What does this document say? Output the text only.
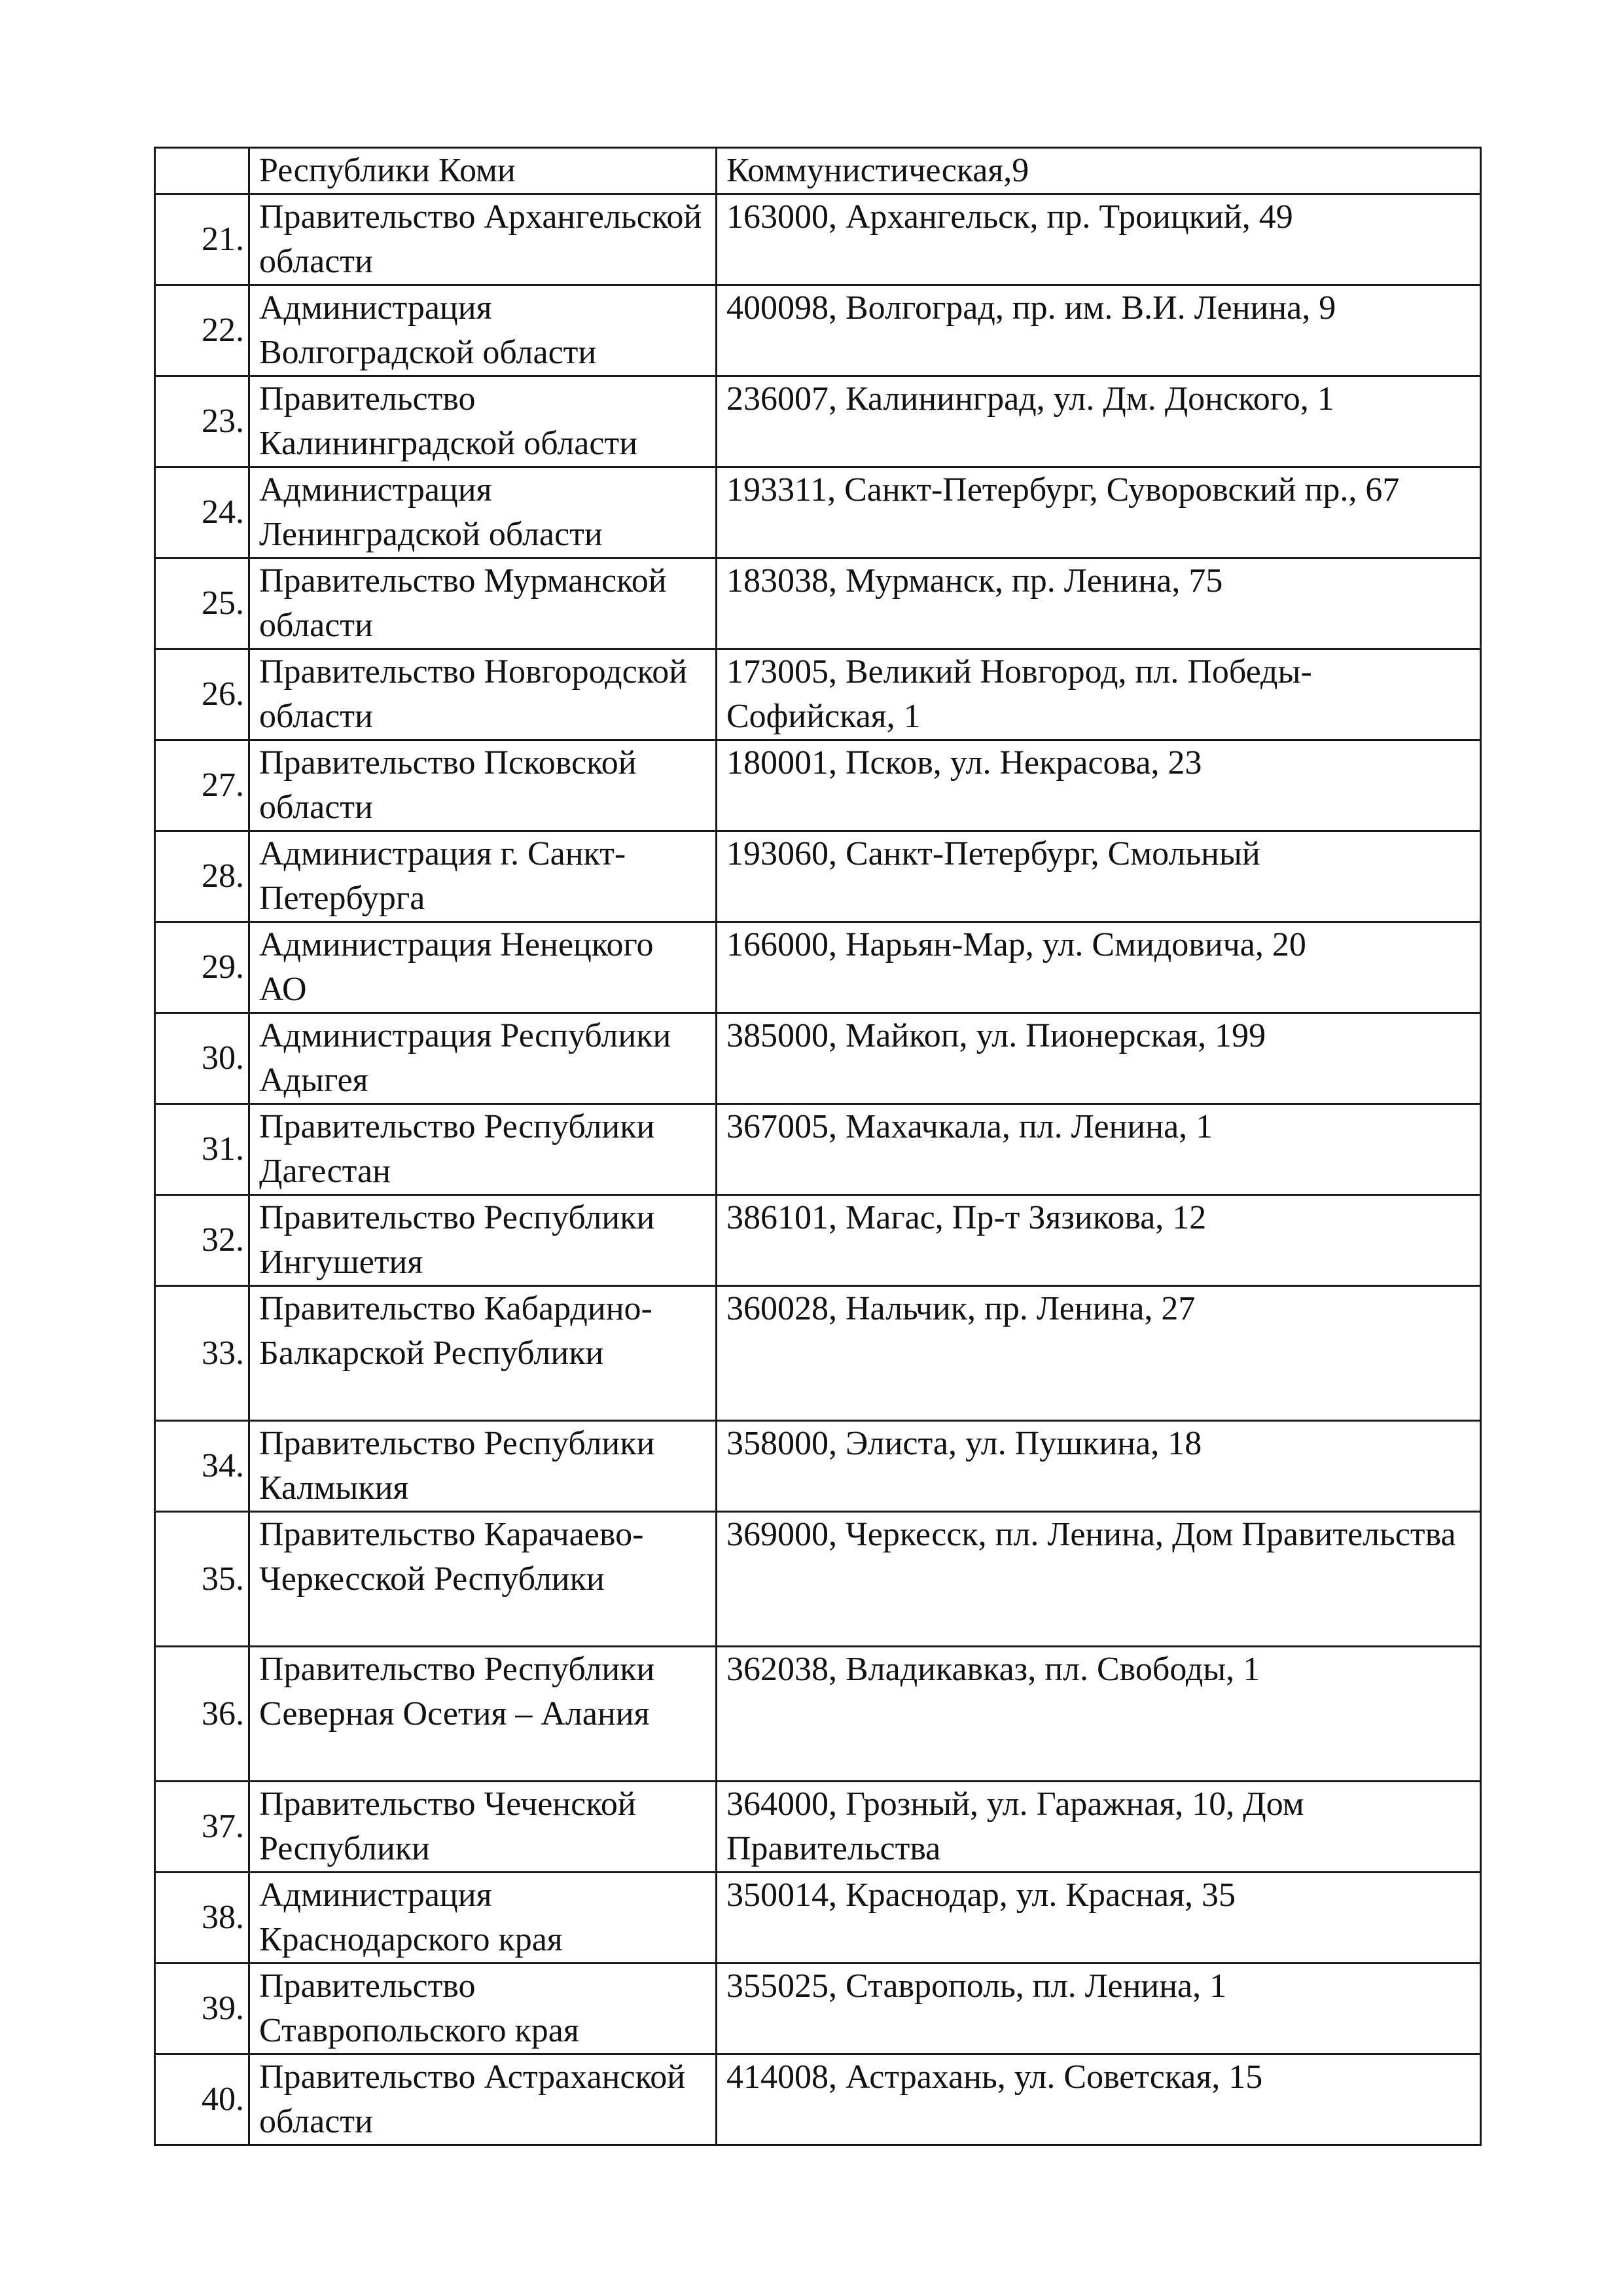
	Республики Коми	Коммунистическая,9
21.	Правительство Архангельской области	163000, Архангельск, пр. Троицкий, 49
22.	Администрация Волгоградской области	400098, Волгоград, пр. им. В.И. Ленина, 9
23.	Правительство Калининградской области	236007, Калининград, ул. Дм. Донского, 1
24.	Администрация Ленинградской области	193311, Санкт-Петербург, Суворовский пр., 67
25.	Правительство Мурманской области	183038, Мурманск, пр. Ленина, 75
26.	Правительство Новгородской области	173005, Великий Новгород, пл. Победы-Софийская, 1
27.	Правительство Псковской области	180001, Псков, ул. Некрасова, 23
28.	Администрация г. Санкт-Петербурга	193060, Санкт-Петербург, Смольный
29.	Администрация Ненецкого АО	166000, Нарьян-Мар, ул. Смидовича, 20
30.	Администрация Республики Адыгея	385000, Майкоп, ул. Пионерская, 199
31.	Правительство Республики Дагестан	367005, Махачкала, пл. Ленина, 1
32.	Правительство Республики Ингушетия	386101, Магас, Пр-т Зязикова, 12
33.	Правительство Кабардино-Балкарской Республики	360028, Нальчик, пр. Ленина, 27
34.	Правительство Республики Калмыкия	358000, Элиста, ул. Пушкина, 18
35.	Правительство Карачаево-Черкесской Республики	369000, Черкесск, пл. Ленина, Дом Правительства
36.	Правительство Республики Северная Осетия – Алания	362038, Владикавказ, пл. Свободы, 1
37.	Правительство Чеченской Республики	364000, Грозный, ул. Гаражная, 10, Дом Правительства
38.	Администрация Краснодарского края	350014, Краснодар, ул. Красная, 35
39.	Правительство Ставропольского края	355025, Ставрополь, пл. Ленина, 1
40.	Правительство Астраханской области	414008, Астрахань, ул. Советская, 15
